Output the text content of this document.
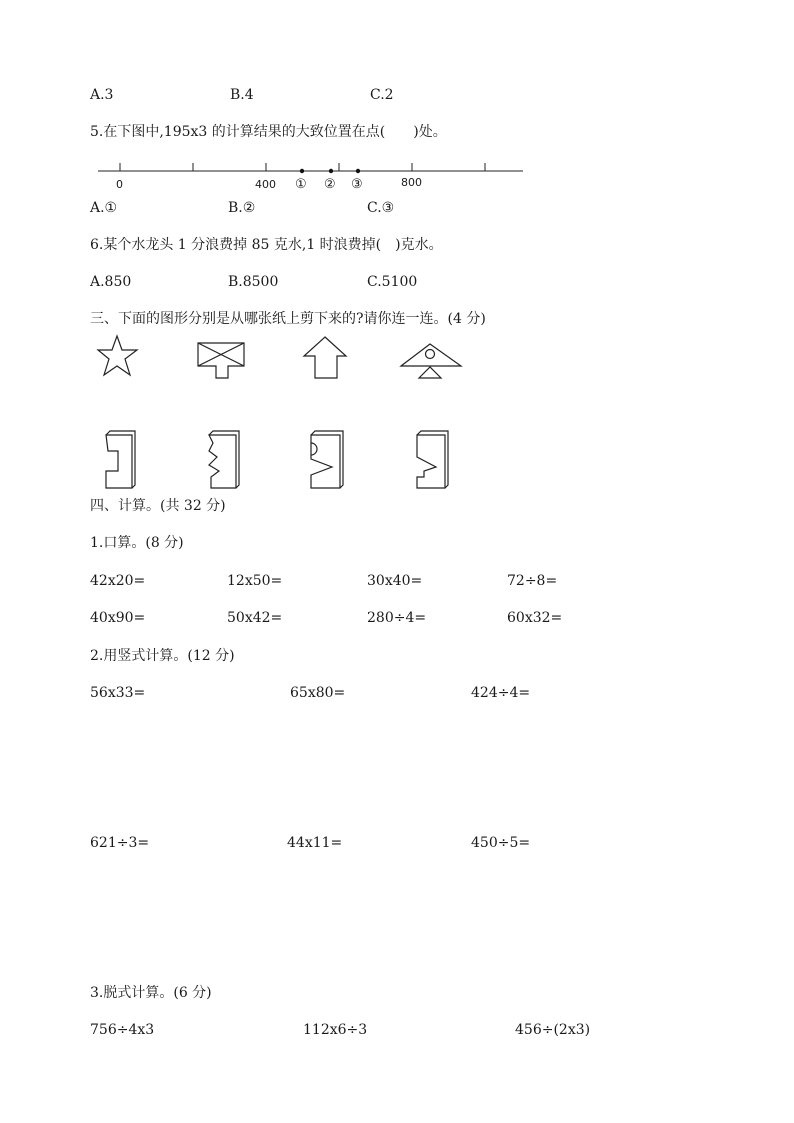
A.3	B.4	C.2
5.在下图中,195x3 的计算结果的大致位置在点(　　)处。
0	400	800
① ② ③
A.①	B.②	C.③
6.某个水龙头 1 分浪费掉 85 克水,1 时浪费掉(　)克水。
A.850	B.8500	C.5100
三、下面的图形分别是从哪张纸上剪下来的?请你连一连。(4 分)
四、计算。(共 32 分)
1.口算。(8 分)
42x20=	12x50=	30x40=	72÷8=
40x90=	50x42=	280÷4=	60x32=
2.用竖式计算。(12 分)
56x33=	65x80=	424÷4=
621÷3=	44x11=	450÷5=
3.脱式计算。(6 分)
756÷4x3	112x6÷3	456÷(2x3)
